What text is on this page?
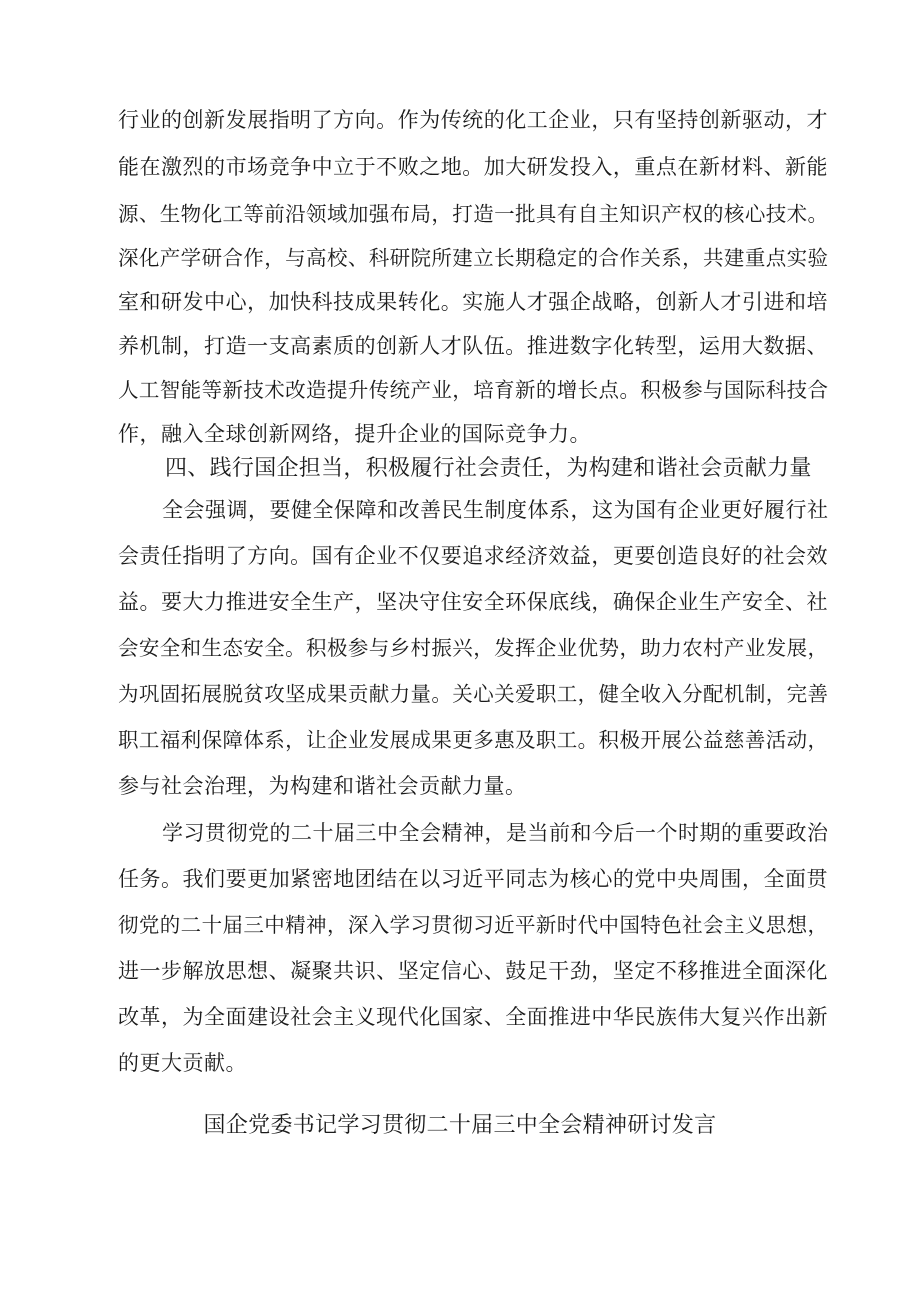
行业的创新发展指明了方向。作为传统的化工企业，只有坚持创新驱动，才
能在激烈的市场竞争中立于不败之地。加大研发投入，重点在新材料、新能
源、生物化工等前沿领域加强布局，打造一批具有自主知识产权的核心技术。
深化产学研合作，与高校、科研院所建立长期稳定的合作关系，共建重点实验
室和研发中心，加快科技成果转化。实施人才强企战略，创新人才引进和培
养机制，打造一支高素质的创新人才队伍。推进数字化转型，运用大数据、
人工智能等新技术改造提升传统产业，培育新的增长点。积极参与国际科技合
作，融入全球创新网络，提升企业的国际竞争力。
四、践行国企担当，积极履行社会责任，为构建和谐社会贡献力量
全会强调，要健全保障和改善民生制度体系，这为国有企业更好履行社
会责任指明了方向。国有企业不仅要追求经济效益，更要创造良好的社会效
益。要大力推进安全生产，坚决守住安全环保底线，确保企业生产安全、社
会安全和生态安全。积极参与乡村振兴，发挥企业优势，助力农村产业发展，
为巩固拓展脱贫攻坚成果贡献力量。关心关爱职工，健全收入分配机制，完善
职工福利保障体系，让企业发展成果更多惠及职工。积极开展公益慈善活动，
参与社会治理，为构建和谐社会贡献力量。
学习贯彻党的二十届三中全会精神，是当前和今后一个时期的重要政治
任务。我们要更加紧密地团结在以习近平同志为核心的党中央周围，全面贯
彻党的二十届三中精神，深入学习贯彻习近平新时代中国特色社会主义思想，
进一步解放思想、凝聚共识、坚定信心、鼓足干劲，坚定不移推进全面深化
改革，为全面建设社会主义现代化国家、全面推进中华民族伟大复兴作出新
的更大贡献。
国企党委书记学习贯彻二十届三中全会精神研讨发言
